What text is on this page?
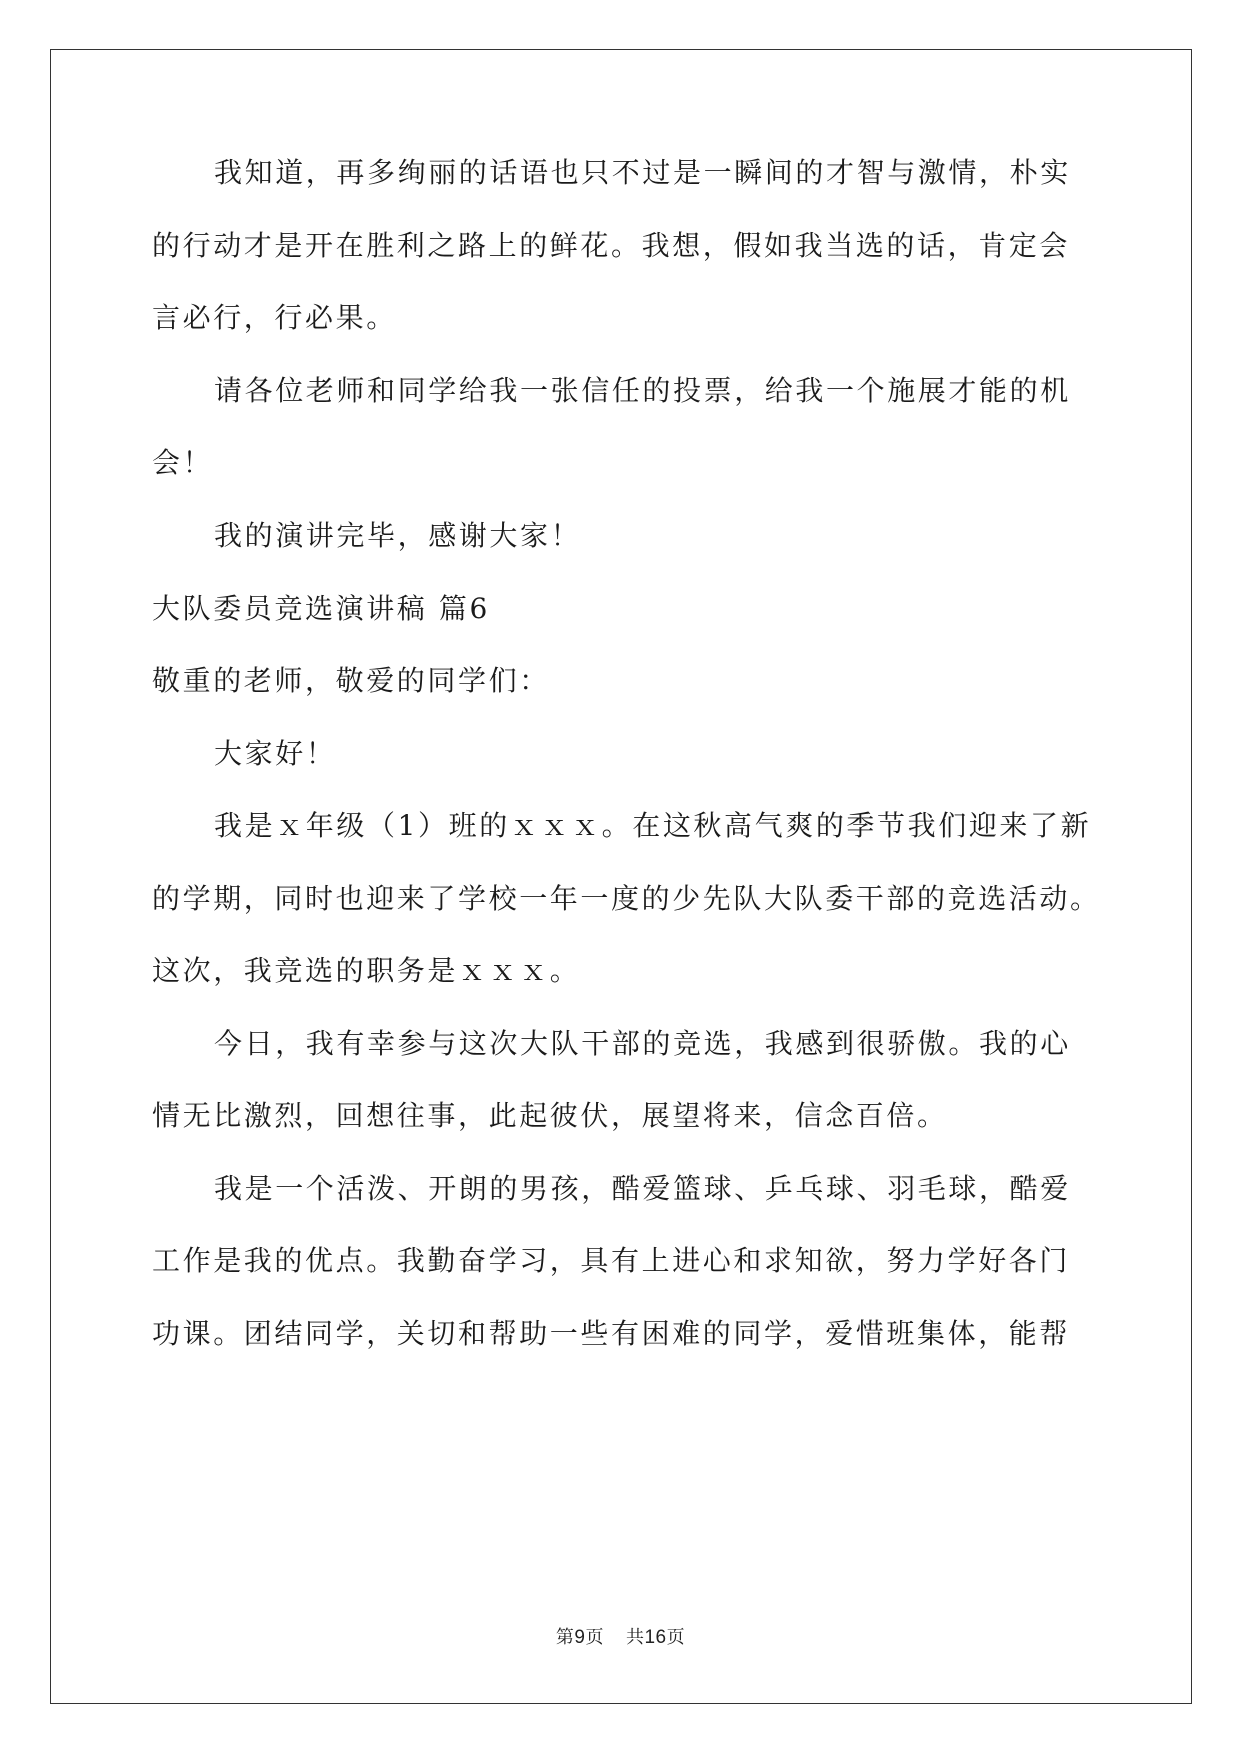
我知道，再多绚丽的话语也只不过是一瞬间的才智与激情，朴实
的行动才是开在胜利之路上的鲜花。我想，假如我当选的话，肯定会
言必行，行必果。
请各位老师和同学给我一张信任的投票，给我一个施展才能的机
会！
我的演讲完毕，感谢大家！
大队委员竞选演讲稿 篇6
敬重的老师，敬爱的同学们：
大家好！
我是ｘ年级（1）班的ｘｘｘ。在这秋高气爽的季节我们迎来了新
的学期，同时也迎来了学校一年一度的少先队大队委干部的竞选活动。
这次，我竞选的职务是ｘｘｘ。
今日，我有幸参与这次大队干部的竞选，我感到很骄傲。我的心
情无比激烈，回想往事，此起彼伏，展望将来，信念百倍。
我是一个活泼、开朗的男孩，酷爱篮球、乒乓球、羽毛球，酷爱
工作是我的优点。我勤奋学习，具有上进心和求知欲，努力学好各门
功课。团结同学，关切和帮助一些有困难的同学，爱惜班集体，能帮
第9页 共16页
